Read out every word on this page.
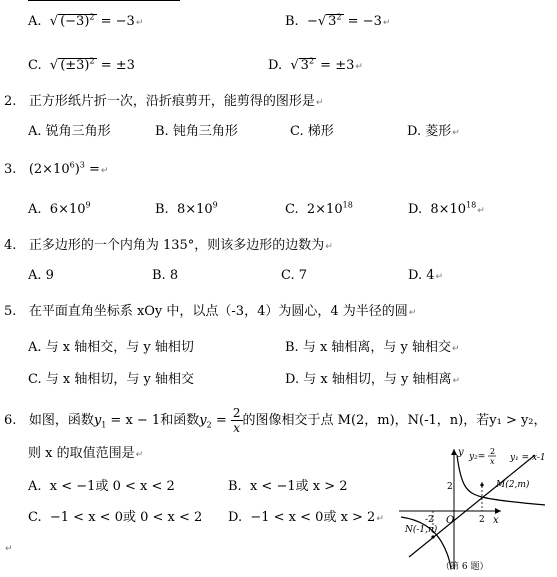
A.  √ $(-3)^2$ = −3↵	B. −√ $3^2$ = −3↵
C.  √ $(\pm 3)^2 = \pm 3$	D.  √ $3^2$ = ±3↵
2. 正方形纸片折一次，沿折痕剪开，能剪得的图形是↵
A. 锐角三角形	B. 钝角三角形	C. 梯形	D. 菱形↵
3. $(2\times 10^6)^3$ =↵
A. $6\times 10^9$	B. $8\times 10^9$	C. $2\times 10^{18}$	D. $8\times 10^{18}↵$
4. 正多边形的一个内角为 135°，则该多边形的边数为↵
A. 9	B. 8	C. 7	D. 4↵
5. 在平面直角坐标系 xOy 中，以点（-3，4）为圆心，4 为半径的圆↵
A. 与 x 轴相交，与 y 轴相切	B. 与 x 轴相离，与 y 轴相交↵
C. 与 x 轴相切，与 y 轴相交	D. 与 x 轴相切，与 y 轴相离↵
6. 如图，函数$y_1 = x - 1$和函数$y_2 = \frac{2}{x}$ 的图像相交于点 M(2，m)，N(-1，n)，若y₁ > y₂，
则 x 的取值范围是↵
A. x < −1或 0 < x < 2	B. x < −1或 x > 2
C. −1 < x < 0或 0 < x < 2 D. −1 < x < 0或 x > 2↵
↵
y₂=
2
x y₁ = x-1
M(2,m)
N(-1,n)
y
x
O
2
-2	2
（第 6 题）
